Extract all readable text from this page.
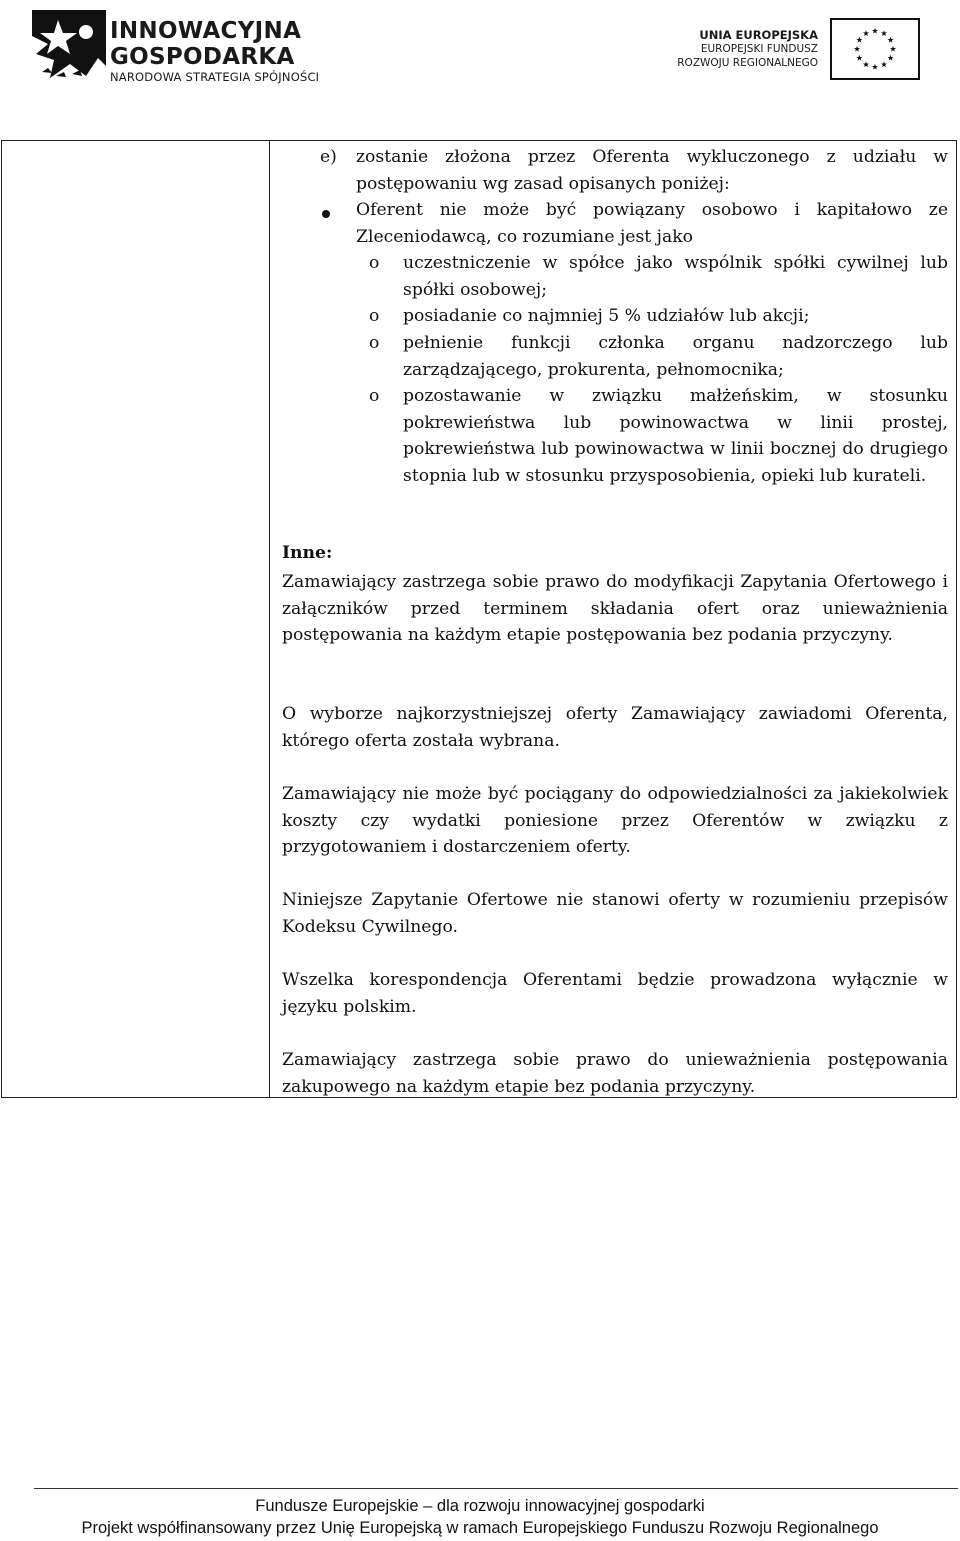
INNOWACYJNA
GOSPODARKA
NARODOWA STRATEGIA SPÓJNOŚCI
UNIA EUROPEJSKA
EUROPEJSKI FUNDUSZ
ROZWOJU REGIONALNEGO
e) zostanie złożona przez Oferenta wykluczonego z udziału w postępowaniu wg zasad opisanych poniżej:
Oferent nie może być powiązany osobowo i kapitałowo ze Zleceniodawcą, co rozumiane jest jako
o uczestniczenie w spółce jako wspólnik spółki cywilnej lub spółki osobowej;
o posiadanie co najmniej 5 % udziałów lub akcji;
o pełnienie funkcji członka organu nadzorczego lub zarządzającego, prokurenta, pełnomocnika;
o pozostawanie w związku małżeńskim, w stosunku pokrewieństwa lub powinowactwa w linii prostej, pokrewieństwa lub powinowactwa w linii bocznej do drugiego stopnia lub w stosunku przysposobienia, opieki lub kurateli.
Inne:
Zamawiający zastrzega sobie prawo do modyfikacji Zapytania Ofertowego i załączników przed terminem składania ofert oraz unieważnienia postępowania na każdym etapie postępowania bez podania przyczyny.
O wyborze najkorzystniejszej oferty Zamawiający zawiadomi Oferenta, którego oferta została wybrana.
Zamawiający nie może być pociągany do odpowiedzialności za jakiekolwiek koszty czy wydatki poniesione przez Oferentów w związku z przygotowaniem i dostarczeniem oferty.
Niniejsze Zapytanie Ofertowe nie stanowi oferty w rozumieniu przepisów Kodeksu Cywilnego.
Wszelka korespondencja Oferentami będzie prowadzona wyłącznie w języku polskim.
Zamawiający zastrzega sobie prawo do unieważnienia postępowania zakupowego na każdym etapie bez podania przyczyny.
Fundusze Europejskie – dla rozwoju innowacyjnej gospodarki
Projekt współfinansowany przez Unię Europejską w ramach Europejskiego Funduszu Rozwoju Regionalnego
